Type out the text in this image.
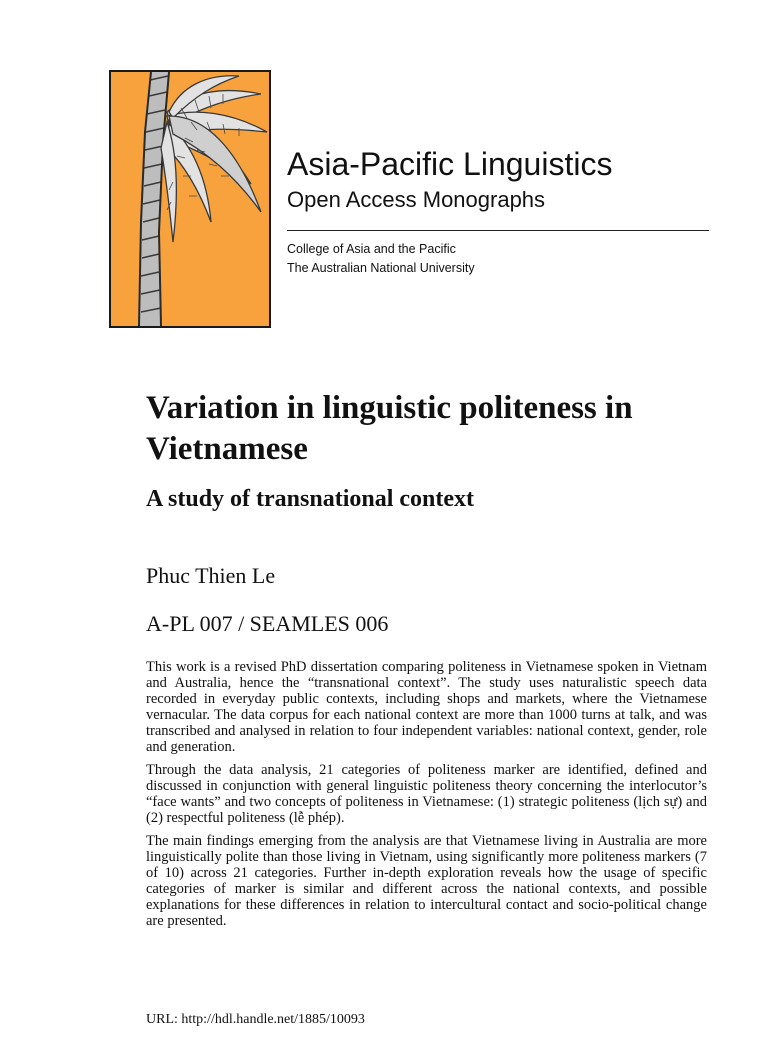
Asia-Pacific Linguistics
Open Access Monographs
College of Asia and the Pacific
The Australian National University
Variation in linguistic politeness in Vietnamese
A study of transnational context
Phuc Thien Le
A-PL 007 / SEAMLES 006

This work is a revised PhD dissertation comparing politeness in Vietnamese spoken in Vietnam and Australia, hence the “transnational context”. The study uses naturalistic speech data recorded in everyday public contexts, including shops and markets, where the Vietnamese vernacular. The data corpus for each national context are more than 1000 turns at talk, and was transcribed and analysed in relation to four independent variables: national context, gender, role and generation.

Through the data analysis, 21 categories of politeness marker are identified, defined and discussed in conjunction with general linguistic politeness theory concerning the interlocutor’s “face wants” and two concepts of politeness in Vietnamese: (1) strategic politeness (lịch sự) and (2) respectful politeness (lễ phép).

The main findings emerging from the analysis are that Vietnamese living in Australia are more linguistically polite than those living in Vietnam, using significantly more politeness markers (7 of 10) across 21 categories. Further in-depth exploration reveals how the usage of specific categories of marker is similar and different across the national contexts, and possible explanations for these differences in relation to intercultural contact and socio-political change are presented.

URL: http://hdl.handle.net/1885/10093
